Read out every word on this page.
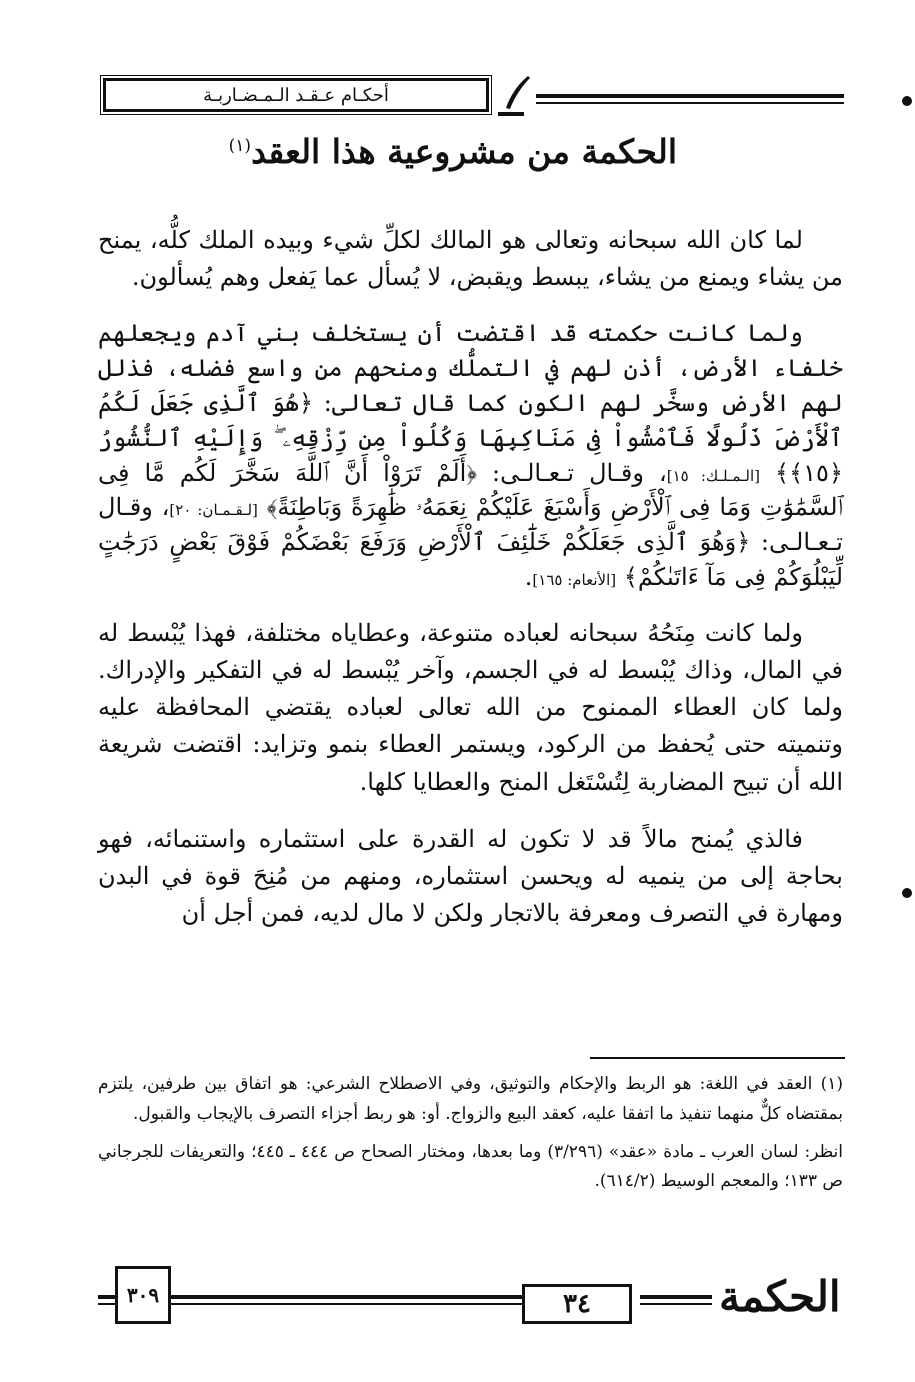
أحكـام عـقـد الـمـضـاربـة
الحكمة من مشروعية هذا العقد$^{(١)}$

لما كان الله سبحانه وتعالى هو المالك لكلِّ شيء وبيده الملك كلُّه، يمنح من يشاء ويمنع من يشاء، يبسط ويقبض، لا يُسأل عما يَفعل وهم يُسألون.

ولما كانت حكمته قد اقتضت أن يستخلف بني آدم ويجعلهم خلفاء الأرض، أذن لهم في التملُّك ومنحهم من واسع فضله، فذلل لهم الأرض وسخَّر لهم الكون كما قال تعالى: ﴿هُوَ ٱلَّذِى جَعَلَ لَكُمُ ٱلْأَرْضَ ذَلُولًا فَٱمْشُواْ فِى مَنَاكِبِهَا وَكُلُواْ مِن رِّزْقِهِۦ ۖ وَإِلَيْهِ ٱلنُّشُورُ ﴿١٥﴾﴾ [الـمـلـك: ١٥]، وقـال تـعـالـى: ﴿أَلَمْ تَرَوْاْ أَنَّ ٱللَّهَ سَخَّرَ لَكُم مَّا فِى ٱلسَّمَٰوَٰتِ وَمَا فِى ٱلْأَرْضِ وَأَسْبَغَ عَلَيْكُمْ نِعَمَهُۥ ظَٰهِرَةً وَبَاطِنَةً﴾ [لـقـمـان: ٢٠]، وقـال تـعـالـى: ﴿وَهُوَ ٱلَّذِى جَعَلَكُمْ خَلَٰٓئِفَ ٱلْأَرْضِ وَرَفَعَ بَعْضَكُمْ فَوْقَ بَعْضٍ دَرَجَٰتٍ لِّيَبْلُوَكُمْ فِى مَآ ءَاتَىٰكُمْ﴾ [الأنعام: ١٦٥].

ولما كانت مِنَحُهُ سبحانه لعباده متنوعة، وعطاياه مختلفة، فهذا يُبْسط له في المال، وذاك يُبْسط له في الجسم، وآخر يُبْسط له في التفكير والإدراك. ولما كان العطاء الممنوح من الله تعالى لعباده يقتضي المحافظة عليه وتنميته حتى يُحفظ من الركود، ويستمر العطاء بنمو وتزايد: اقتضت شريعة الله أن تبيح المضاربة لِتُسْتَغل المنح والعطايا كلها.

فالذي يُمنح مالاً قد لا تكون له القدرة على استثماره واستنمائه، فهو بحاجة إلى من ينميه له ويحسن استثماره، ومنهم من مُنِحَ قوة في البدن ومهارة في التصرف ومعرفة بالاتجار ولكن لا مال لديه، فمن أجل أن

(١) العقد في اللغة: هو الربط والإحكام والتوثيق، وفي الاصطلاح الشرعي: هو اتفاق بين طرفين، يلتزم بمقتضاه كلٌّ منهما تنفيذ ما اتفقا عليه، كعقد البيع والزواج. أو: هو ربط أجزاء التصرف بالإيجاب والقبول.

انظر: لسان العرب ـ مادة «عقد» (٣/٢٩٦) وما بعدها، ومختار الصحاح ص ٤٤٤ ـ ٤٤٥؛ والتعريفات للجرجاني ص ١٣٣؛ والمعجم الوسيط (٦١٤/٢).

٣٠٩	٣٤	الحكمة
